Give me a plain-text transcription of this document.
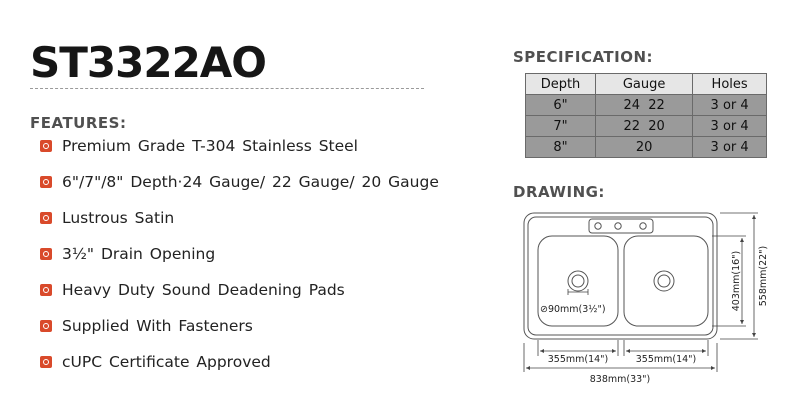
ST3322AO
FEATURES:
Premium Grade T-304 Stainless Steel
6"/7"/8" Depth·24 Gauge/ 22 Gauge/ 20 Gauge
Lustrous Satin
3½" Drain Opening
Heavy Duty Sound Deadening Pads
Supplied With Fasteners
cUPC Certificate Approved
SPECIFICATION:
Depth	Gauge	Holes
6"	24  22	3 or 4
7"	22  20	3 or 4
8"	20	3 or 4
DRAWING:
⊘90mm(3½")
355mm(14")	355mm(14")
838mm(33")
403mm(16") 558mm(22")
